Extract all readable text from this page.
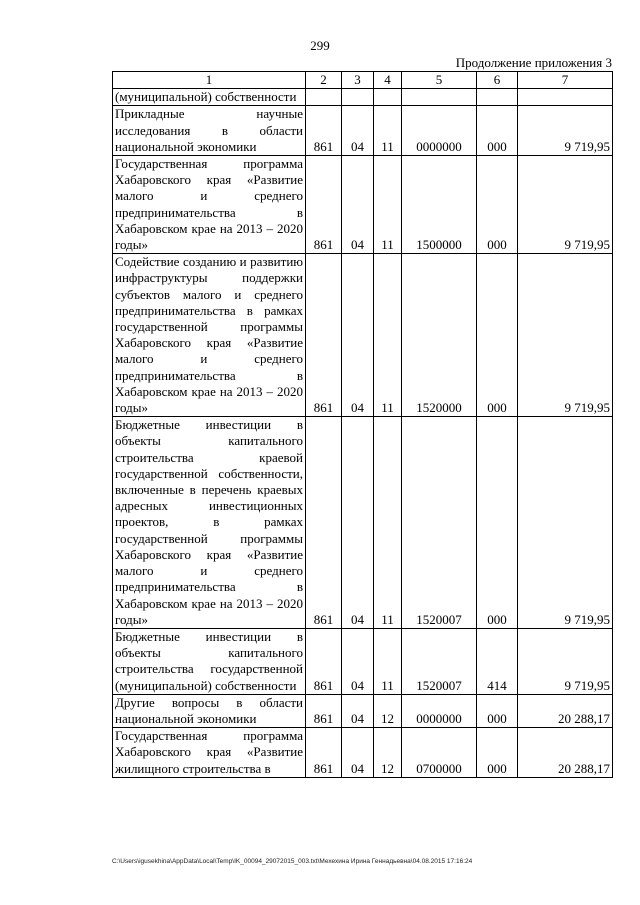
299
Продолжение приложения 3
1	2	3	4	5	6	7
(муниципальной) собственности						
Прикладные научные исследования в области национальной экономики	861	04	11	0000000	000	9 719,95
Государственная программа Хабаровского края «Развитие малого и среднего предпринимательства в Хабаровском крае на 2013 – 2020 годы»	861	04	11	1500000	000	9 719,95
Содействие созданию и развитию инфраструктуры поддержки субъектов малого и среднего предпринимательства в рамках государственной программы Хабаровского края «Развитие малого и среднего предпринимательства в Хабаровском крае на 2013 – 2020 годы»	861	04	11	1520000	000	9 719,95
Бюджетные инвестиции в объекты капитального строительства краевой государственной собственности, включенные в перечень краевых адресных инвестиционных проектов, в рамках государственной программы Хабаровского края «Развитие малого и среднего предпринимательства в Хабаровском крае на 2013 – 2020 годы»	861	04	11	1520007	000	9 719,95
Бюджетные инвестиции в объекты капитального строительства государственной (муниципальной) собственности	861	04	11	1520007	414	9 719,95
Другие вопросы в области национальной экономики	861	04	12	0000000	000	20 288,17
Государственная программа Хабаровского края «Развитие жилищного строительства в	861	04	12	0700000	000	20 288,17
C:\Users\igusekhina\AppData\Local\Temp\IK_00094_29072015_003.txt\Мехехина Ирина Геннадьевна\04.08.2015 17:16:24
